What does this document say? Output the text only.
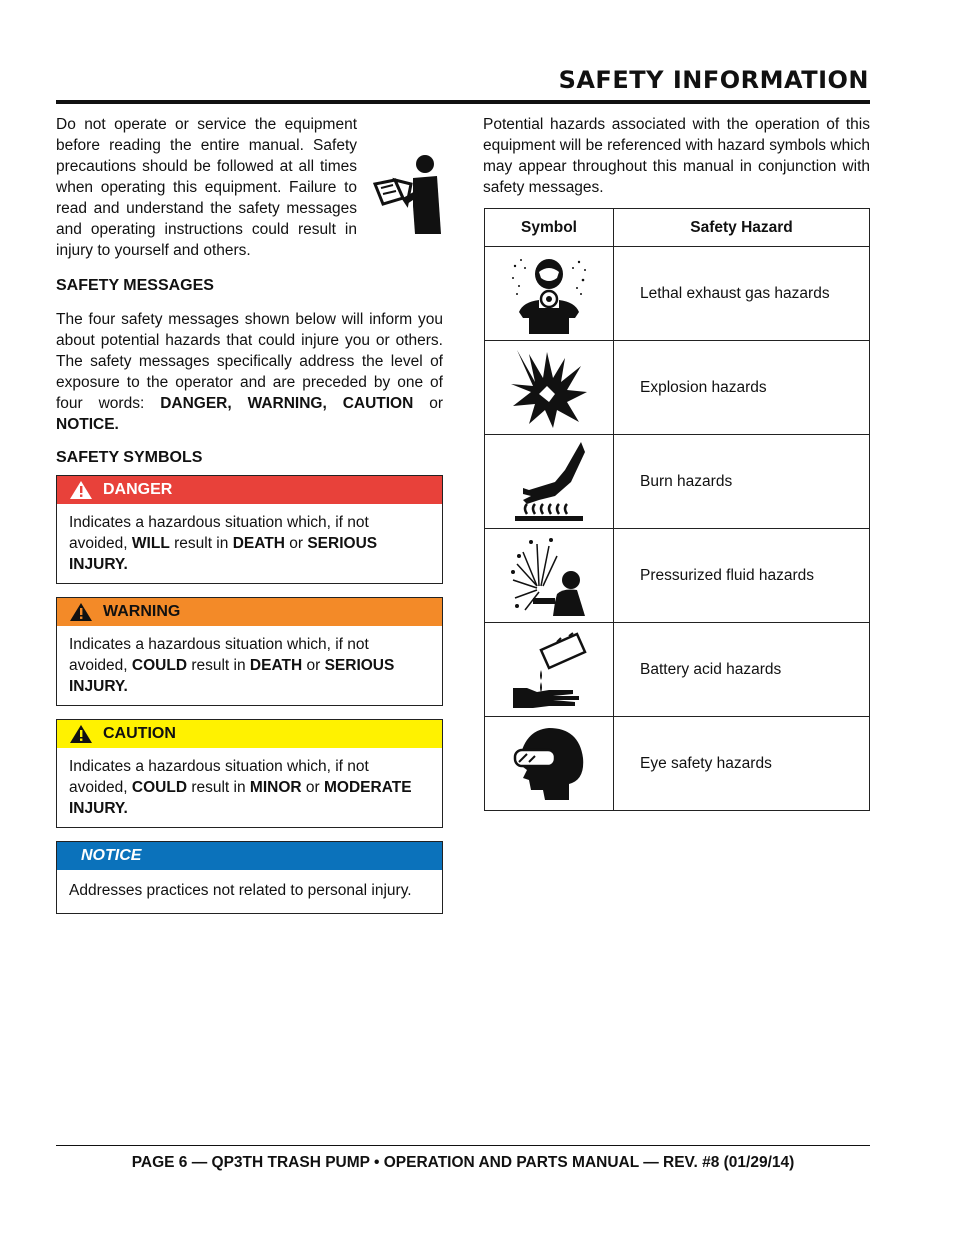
SAFETY INFORMATION

Do not operate or service the equipment before reading the entire manual. Safety precautions should be followed at all times when operating this equipment. Failure to read and understand the safety messages and operating instructions could result in injury to yourself and others.

SAFETY MESSAGES

The four safety messages shown below will inform you about potential hazards that could injure you or others. The safety messages specifically address the level of exposure to the operator and are preceded by one of four words: DANGER, WARNING, CAUTION or NOTICE.

SAFETY SYMBOLS
DANGER
Indicates a hazardous situation which, if not avoided, WILL result in DEATH or SERIOUS INJURY.
WARNING
Indicates a hazardous situation which, if not avoided, COULD result in DEATH or SERIOUS INJURY.
CAUTION
Indicates a hazardous situation which, if not avoided, COULD result in MINOR or MODERATE INJURY.
NOTICE
Addresses practices not related to personal injury.

Potential hazards associated with the operation of this equipment will be referenced with hazard symbols which may appear throughout this manual in conjunction with safety messages.

Symbol	Safety Hazard

	Lethal exhaust gas hazards

	Explosion hazards

	Burn hazards

	Pressurized fluid hazards

	Battery acid hazards

	Eye safety hazards
PAGE 6 — QP3TH TRASH PUMP • OPERATION AND PARTS MANUAL — REV. #8 (01/29/14)
